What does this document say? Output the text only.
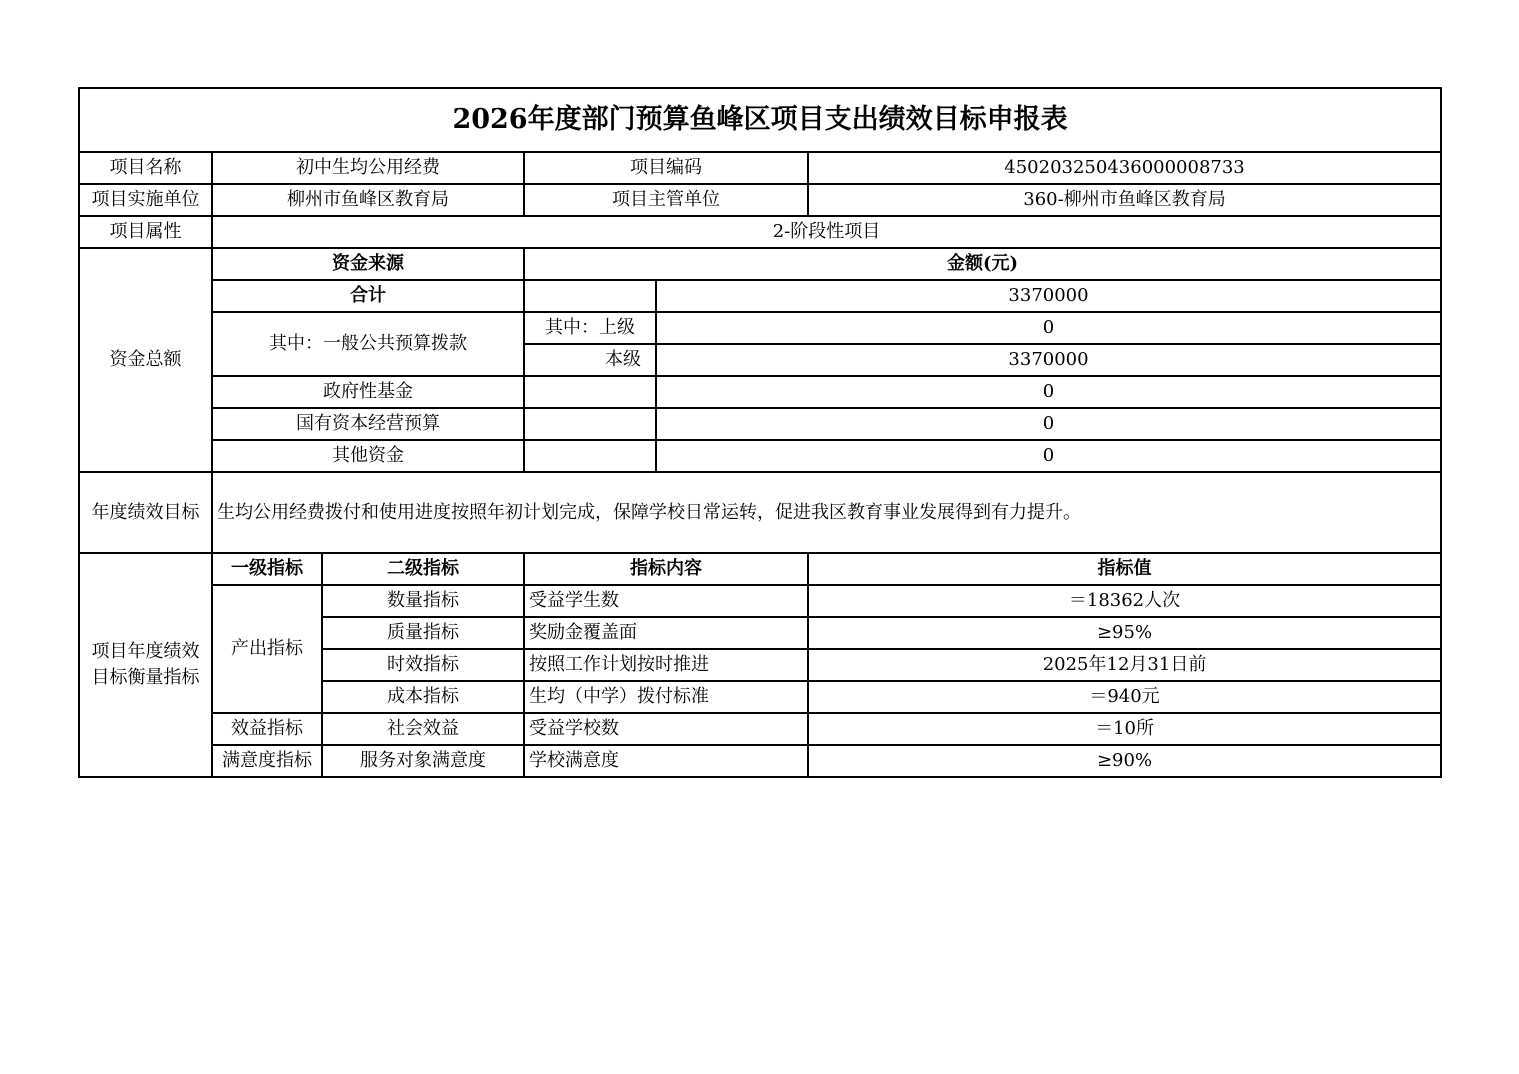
2026年度部门预算鱼峰区项目支出绩效目标申报表					
项目名称	初中生均公用经费		项目编码		450203250436000008733
项目实施单位	柳州市鱼峰区教育局		项目主管单位		360-柳州市鱼峰区教育局
项目属性	2-阶段性项目				
资金总额	资金来源		金额(元)		
	合计			3370000	
	其中：一般公共预算拨款		其中：上级	0	
			本级	3370000	
	政府性基金			0	
	国有资本经营预算			0	
	其他资金			0	
年度绩效目标	生均公用经费拨付和使用进度按照年初计划完成，保障学校日常运转，促进我区教育事业发展得到有力提升。				
项目年度绩效目标衡量指标	一级指标	二级指标	指标内容		指标值
	产出指标	数量指标	受益学生数		＝18362人次
		质量指标	奖励金覆盖面		≥95%
		时效指标	按照工作计划按时推进		2025年12月31日前
		成本指标	生均（中学）拨付标准		＝940元
	效益指标	社会效益	受益学校数		＝10所
	满意度指标	服务对象满意度	学校满意度		≥90%
